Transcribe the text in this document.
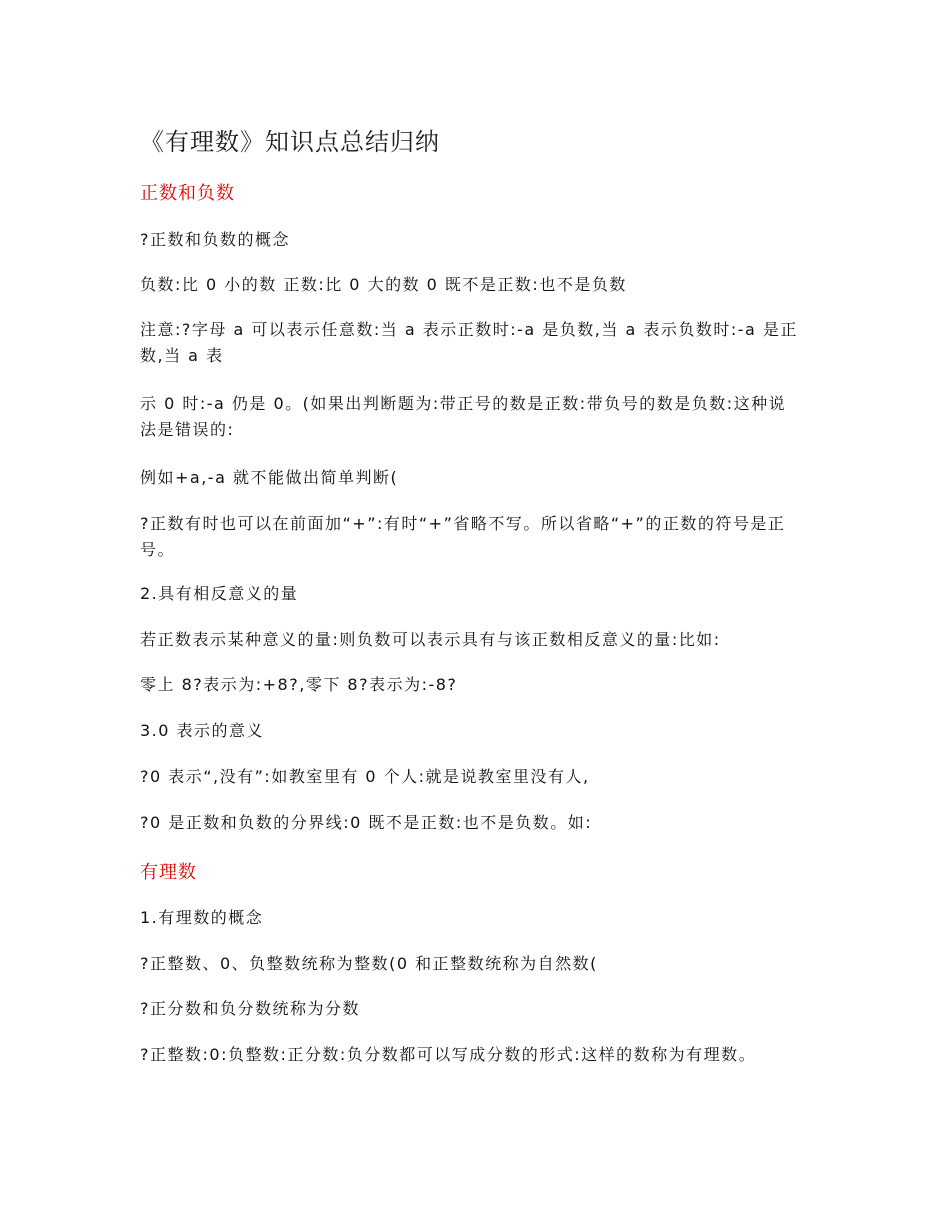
《有理数》知识点总结归纳
正数和负数
?正数和负数的概念
负数:比 0 小的数 正数:比 0 大的数 0 既不是正数:也不是负数
注意:?字母 a 可以表示任意数:当 a 表示正数时:-a 是负数,当 a 表示负数时:-a 是正
数,当 a 表
示 0 时:-a 仍是 0。(如果出判断题为:带正号的数是正数:带负号的数是负数:这种说
法是错误的:
例如+a,-a 就不能做出简单判断(
?正数有时也可以在前面加“+”:有时“+”省略不写。所以省略“+”的正数的符号是正
号。
2.具有相反意义的量
若正数表示某种意义的量:则负数可以表示具有与该正数相反意义的量:比如:
零上 8?表示为:+8?,零下 8?表示为:-8?
3.0 表示的意义
?0 表示“,没有”:如教室里有 0 个人:就是说教室里没有人,
?0 是正数和负数的分界线:0 既不是正数:也不是负数。如:
有理数
1.有理数的概念
?正整数、0、负整数统称为整数(0 和正整数统称为自然数(
?正分数和负分数统称为分数
?正整数:0:负整数:正分数:负分数都可以写成分数的形式:这样的数称为有理数。
